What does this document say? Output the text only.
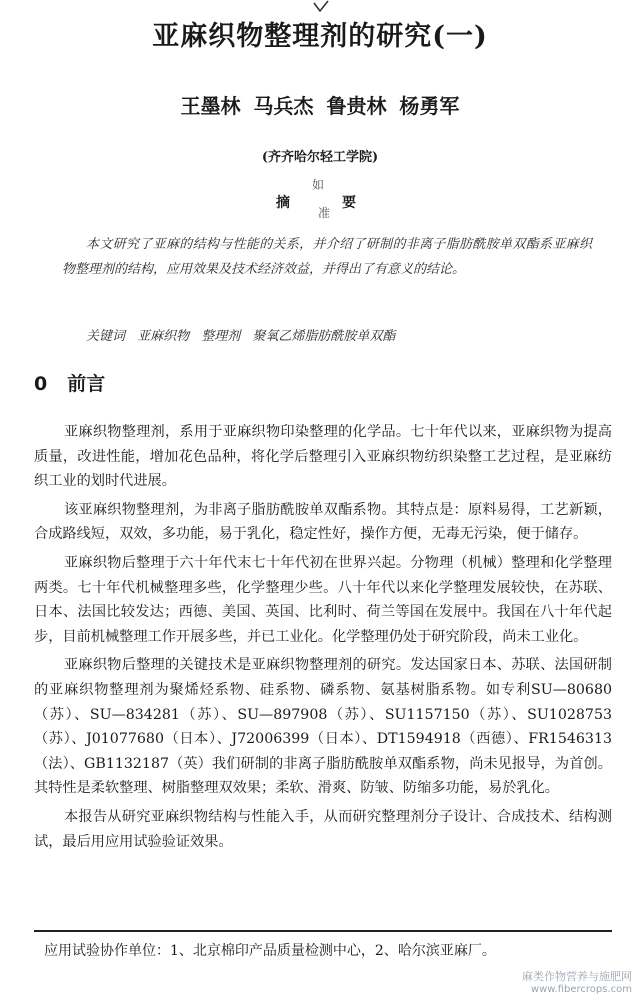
亚麻织物整理剂的研究(一)
王墨林 马兵杰 鲁贵林 杨勇军
(齐齐哈尔轻工学院)
摘
如
要
准
本文研究了亚麻的结构与性能的关系，并介绍了研制的非离子脂肪酰胺单双酯系亚麻织物整理剂的结构，应用效果及技术经济效益，并得出了有意义的结论。
关键词 亚麻织物 整理剂 聚氧乙烯脂肪酰胺单双酯
0 前言

亚麻织物整理剂，系用于亚麻织物印染整理的化学品。七十年代以来，亚麻织物为提高质量，改进性能，增加花色品种，将化学后整理引入亚麻织物纺织染整工艺过程，是亚麻纺织工业的划时代进展。

该亚麻织物整理剂，为非离子脂肪酰胺单双酯系物。其特点是：原料易得，工艺新颖，合成路线短，双效，多功能，易于乳化，稳定性好，操作方便，无毒无污染，便于储存。

亚麻织物后整理于六十年代末七十年代初在世界兴起。分物理（机械）整理和化学整理两类。七十年代机械整理多些，化学整理少些。八十年代以来化学整理发展较快，在苏联、日本、法国比较发达；西德、美国、英国、比利时、荷兰等国在发展中。我国在八十年代起步，目前机械整理工作开展多些，并已工业化。化学整理仍处于研究阶段，尚未工业化。

亚麻织物后整理的关键技术是亚麻织物整理剂的研究。发达国家日本、苏联、法国研制的亚麻织物整理剂为聚烯烃系物、硅系物、磷系物、氨基树脂系物。如专利SU—80680（苏）、SU—834281（苏）、SU—897908（苏）、SU1157150（苏）、SU1028753（苏）、J01077680（日本）、J72006399（日本）、DT1594918（西德）、FR1546313（法）、GB1132187（英）我们研制的非离子脂肪酰胺单双酯系物，尚未见报导，为首创。其特性是柔软整理、树脂整理双效果；柔软、滑爽、防皱、防缩多功能，易於乳化。

本报告从研究亚麻织物结构与性能入手，从而研究整理剂分子设计、合成技术、结构测试，最后用应用试验验证效果。

应用试验协作单位：1、北京棉印产品质量检测中心，2、哈尔滨亚麻厂。
麻类作物营养与施肥网
www.fibercrops.com
